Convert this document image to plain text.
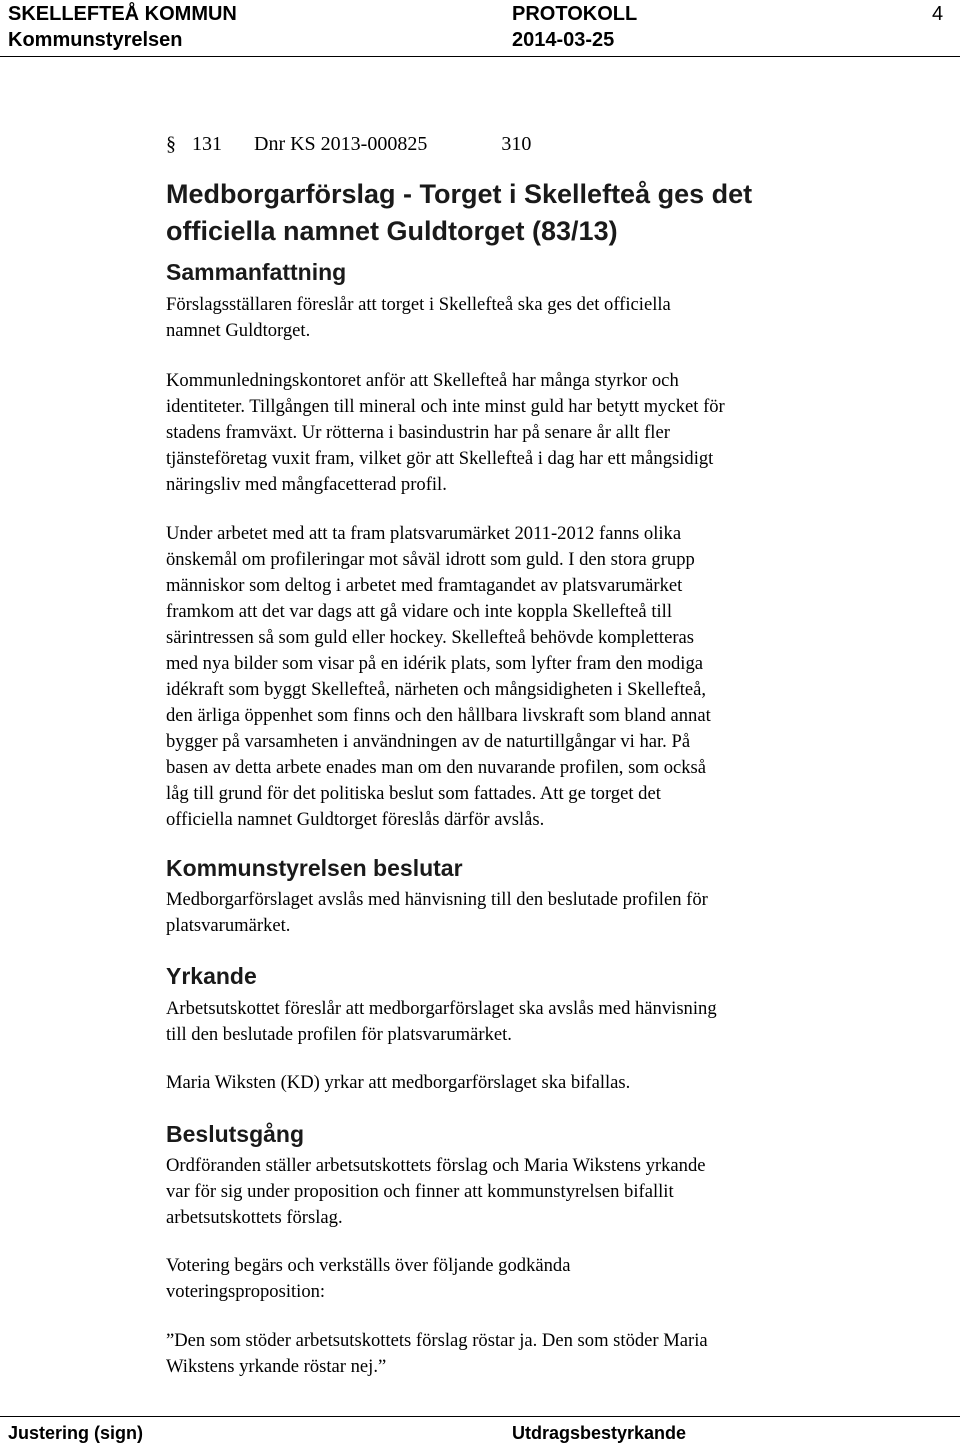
SKELLEFTEÅ KOMMUN
Kommunstyrelsen
PROTOKOLL
2014-03-25
4
§ 131 Dnr KS 2013-000825	310
Medborgarförslag - Torget i Skellefteå ges det
officiella namnet Guldtorget (83/13)
Sammanfattning
Förslagsställaren föreslår att torget i Skellefteå ska ges det officiella
namnet Guldtorget.
Kommunledningskontoret anför att Skellefteå har många styrkor och
identiteter. Tillgången till mineral och inte minst guld har betytt mycket för
stadens framväxt. Ur rötterna i basindustrin har på senare år allt fler
tjänsteföretag vuxit fram, vilket gör att Skellefteå i dag har ett mångsidigt
näringsliv med mångfacetterad profil.
Under arbetet med att ta fram platsvarumärket 2011-2012 fanns olika
önskemål om profileringar mot såväl idrott som guld. I den stora grupp
människor som deltog i arbetet med framtagandet av platsvarumärket
framkom att det var dags att gå vidare och inte koppla Skellefteå till
särintressen så som guld eller hockey. Skellefteå behövde kompletteras
med nya bilder som visar på en idérik plats, som lyfter fram den modiga
idékraft som byggt Skellefteå, närheten och mångsidigheten i Skellefteå,
den ärliga öppenhet som finns och den hållbara livskraft som bland annat
bygger på varsamheten i användningen av de naturtillgångar vi har. På
basen av detta arbete enades man om den nuvarande profilen, som också
låg till grund för det politiska beslut som fattades. Att ge torget det
officiella namnet Guldtorget föreslås därför avslås.
Kommunstyrelsen beslutar
Medborgarförslaget avslås med hänvisning till den beslutade profilen för
platsvarumärket.
Yrkande
Arbetsutskottet föreslår att medborgarförslaget ska avslås med hänvisning
till den beslutade profilen för platsvarumärket.
Maria Wiksten (KD) yrkar att medborgarförslaget ska bifallas.
Beslutsgång
Ordföranden ställer arbetsutskottets förslag och Maria Wikstens yrkande
var för sig under proposition och finner att kommunstyrelsen bifallit
arbetsutskottets förslag.
Votering begärs och verkställs över följande godkända
voteringsproposition:
”Den som stöder arbetsutskottets förslag röstar ja. Den som stöder Maria
Wikstens yrkande röstar nej.”
Justering (sign)	Utdragsbestyrkande
